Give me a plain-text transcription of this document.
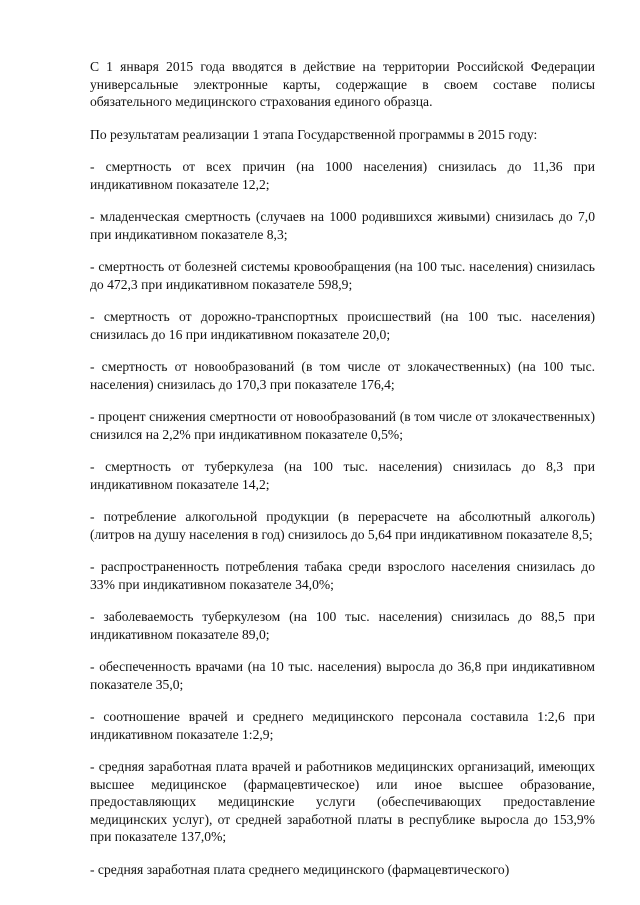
С 1 января 2015 года вводятся в действие на территории Российской Федерации универсальные электронные карты, содержащие в своем составе полисы обязательного медицинского страхования единого образца.

По результатам реализации 1 этапа Государственной программы в 2015 году:

- смертность от всех причин (на 1000 населения) снизилась до 11,36 при индикативном показателе 12,2;

- младенческая смертность (случаев на 1000 родившихся живыми) снизилась до 7,0 при индикативном показателе 8,3;

- смертность от болезней системы кровообращения (на 100 тыс. населения) снизилась до 472,3 при индикативном показателе 598,9;

- смертность от дорожно-транспортных происшествий (на 100 тыс. населения) снизилась до 16 при индикативном показателе 20,0;

- смертность от новообразований (в том числе от злокачественных) (на 100 тыс. населения) снизилась до 170,3 при показателе 176,4;

- процент снижения смертности от новообразований (в том числе от злокачественных) снизился на 2,2% при индикативном показателе 0,5%;

- смертность от туберкулеза (на 100 тыс. населения) снизилась до 8,3 при индикативном показателе 14,2;

- потребление алкогольной продукции (в перерасчете на абсолютный алкоголь) (литров на душу населения в год) снизилось до 5,64 при индикативном показателе 8,5;

- распространенность потребления табака среди взрослого населения снизилась до 33% при индикативном показателе 34,0%;

- заболеваемость туберкулезом (на 100 тыс. населения) снизилась до 88,5 при индикативном показателе 89,0;

- обеспеченность врачами (на 10 тыс. населения) выросла до 36,8 при индикативном показателе 35,0;

- соотношение врачей и среднего медицинского персонала составила 1:2,6 при индикативном показателе 1:2,9;

- средняя заработная плата врачей и работников медицинских организаций, имеющих высшее медицинское (фармацевтическое) или иное высшее образование, предоставляющих медицинские услуги (обеспечивающих предоставление медицинских услуг), от средней заработной платы в республике выросла до 153,9% при показателе 137,0%;

- средняя заработная плата среднего медицинского (фармацевтического)
